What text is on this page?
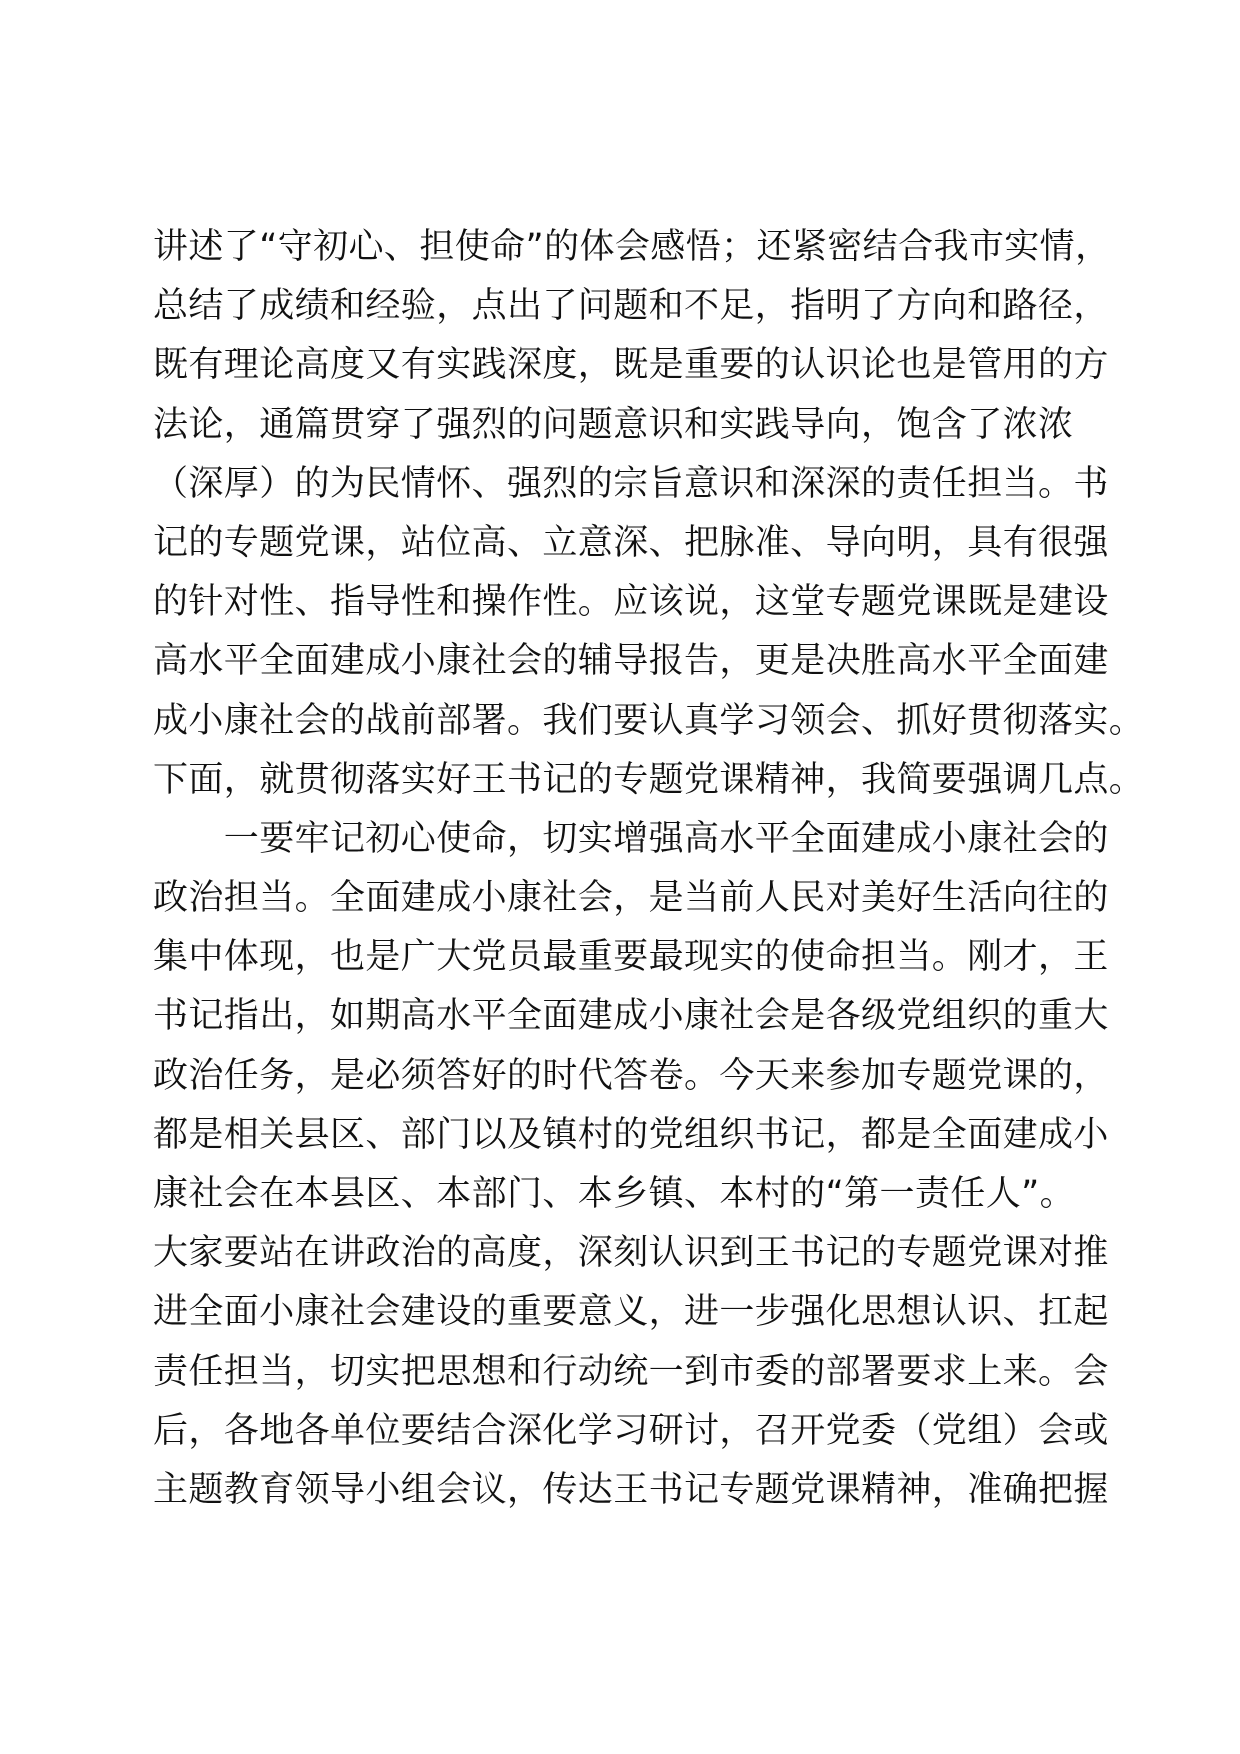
讲述了“守初心、担使命”的体会感悟；还紧密结合我市实情，
总结了成绩和经验，点出了问题和不足，指明了方向和路径，
既有理论高度又有实践深度，既是重要的认识论也是管用的方
法论，通篇贯穿了强烈的问题意识和实践导向，饱含了浓浓
（深厚）的为民情怀、强烈的宗旨意识和深深的责任担当。书
记的专题党课，站位高、立意深、把脉准、导向明，具有很强
的针对性、指导性和操作性。应该说，这堂专题党课既是建设
高水平全面建成小康社会的辅导报告，更是决胜高水平全面建
成小康社会的战前部署。我们要认真学习领会、抓好贯彻落实。
下面，就贯彻落实好王书记的专题党课精神，我简要强调几点。
　　一要牢记初心使命，切实增强高水平全面建成小康社会的
政治担当。全面建成小康社会，是当前人民对美好生活向往的
集中体现，也是广大党员最重要最现实的使命担当。刚才，王
书记指出，如期高水平全面建成小康社会是各级党组织的重大
政治任务，是必须答好的时代答卷。今天来参加专题党课的，
都是相关县区、部门以及镇村的党组织书记，都是全面建成小
康社会在本县区、本部门、本乡镇、本村的“第一责任人”。
大家要站在讲政治的高度，深刻认识到王书记的专题党课对推
进全面小康社会建设的重要意义，进一步强化思想认识、扛起
责任担当，切实把思想和行动统一到市委的部署要求上来。会
后，各地各单位要结合深化学习研讨，召开党委（党组）会或
主题教育领导小组会议，传达王书记专题党课精神，准确把握
